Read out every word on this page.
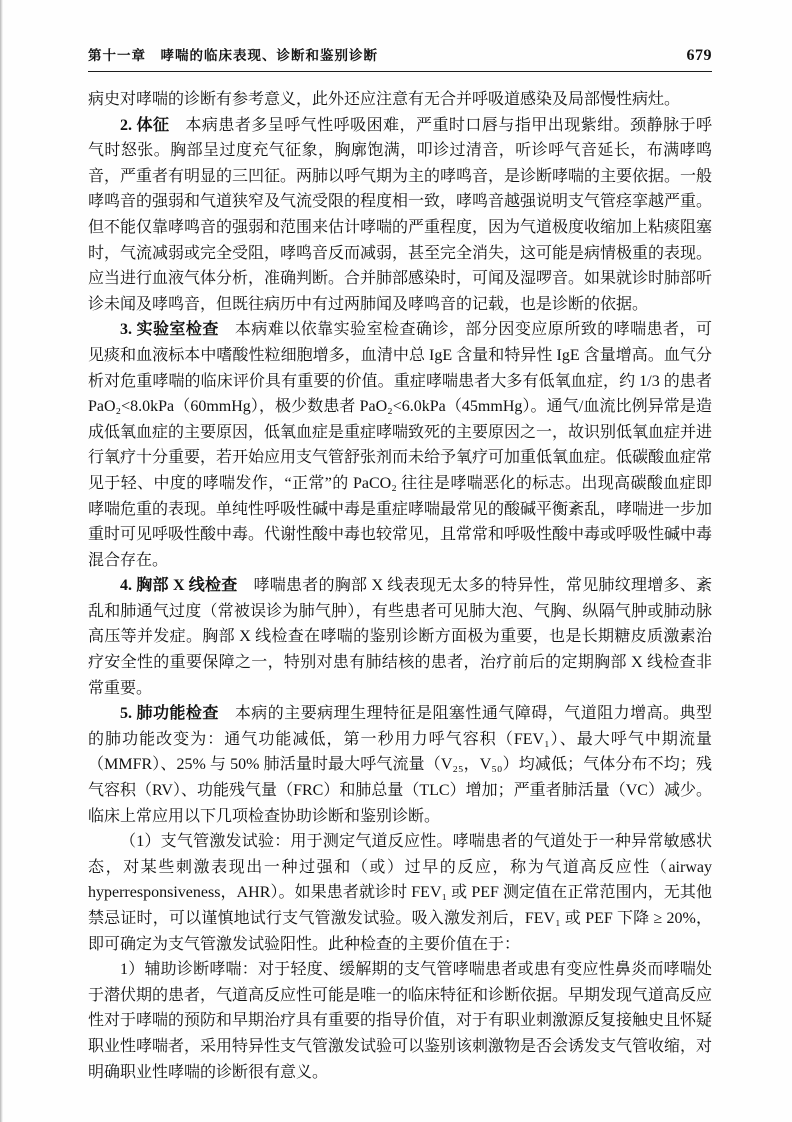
第十一章　哮喘的临床表现、诊断和鉴别诊断	679

病史对哮喘的诊断有参考意义，此外还应注意有无合并呼吸道感染及局部慢性病灶。

2. 体征 本病患者多呈呼气性呼吸困难，严重时口唇与指甲出现紫绀。颈静脉于呼气时怒张。胸部呈过度充气征象，胸廓饱满，叩诊过清音，听诊呼气音延长，布满哮鸣音，严重者有明显的三凹征。两肺以呼气期为主的哮鸣音，是诊断哮喘的主要依据。一般哮鸣音的强弱和气道狭窄及气流受限的程度相一致，哮鸣音越强说明支气管痉挛越严重。但不能仅靠哮鸣音的强弱和范围来估计哮喘的严重程度，因为气道极度收缩加上粘痰阻塞时，气流减弱或完全受阻，哮鸣音反而减弱，甚至完全消失，这可能是病情极重的表现。应当进行血液气体分析，准确判断。合并肺部感染时，可闻及湿啰音。如果就诊时肺部听诊未闻及哮鸣音，但既往病历中有过两肺闻及哮鸣音的记载，也是诊断的依据。

3. 实验室检查 本病难以依靠实验室检查确诊，部分因变应原所致的哮喘患者，可见痰和血液标本中嗜酸性粒细胞增多，血清中总 IgE 含量和特异性 IgE 含量增高。血气分析对危重哮喘的临床评价具有重要的价值。重症哮喘患者大多有低氧血症，约 1/3 的患者 PaO₂<8.0kPa（60mmHg），极少数患者 PaO₂<6.0kPa（45mmHg）。通气/血流比例异常是造成低氧血症的主要原因，低氧血症是重症哮喘致死的主要原因之一，故识别低氧血症并进行氧疗十分重要，若开始应用支气管舒张剂而未给予氧疗可加重低氧血症。低碳酸血症常见于轻、中度的哮喘发作，“正常”的 PaCO₂ 往往是哮喘恶化的标志。出现高碳酸血症即哮喘危重的表现。单纯性呼吸性碱中毒是重症哮喘最常见的酸碱平衡紊乱，哮喘进一步加重时可见呼吸性酸中毒。代谢性酸中毒也较常见，且常常和呼吸性酸中毒或呼吸性碱中毒混合存在。

4. 胸部 X 线检查 哮喘患者的胸部 X 线表现无太多的特异性，常见肺纹理增多、紊乱和肺通气过度（常被误诊为肺气肿），有些患者可见肺大泡、气胸、纵隔气肿或肺动脉高压等并发症。胸部 X 线检查在哮喘的鉴别诊断方面极为重要，也是长期糖皮质激素治疗安全性的重要保障之一，特别对患有肺结核的患者，治疗前后的定期胸部 X 线检查非常重要。

5. 肺功能检查 本病的主要病理生理特征是阻塞性通气障碍，气道阻力增高。典型的肺功能改变为：通气功能减低，第一秒用力呼气容积（FEV₁）、最大呼气中期流量（MMFR）、25% 与 50% 肺活量时最大呼气流量（V₂₅，V₅₀）均减低；气体分布不均；残气容积（RV）、功能残气量（FRC）和肺总量（TLC）增加；严重者肺活量（VC）减少。临床上常应用以下几项检查协助诊断和鉴别诊断。

（1）支气管激发试验：用于测定气道反应性。哮喘患者的气道处于一种异常敏感状态，对某些刺激表现出一种过强和（或）过早的反应，称为气道高反应性（airway hyperresponsiveness，AHR）。如果患者就诊时 FEV₁ 或 PEF 测定值在正常范围内，无其他禁忌证时，可以谨慎地试行支气管激发试验。吸入激发剂后，FEV₁ 或 PEF 下降 ≥ 20%，即可确定为支气管激发试验阳性。此种检查的主要价值在于：

1）辅助诊断哮喘：对于轻度、缓解期的支气管哮喘患者或患有变应性鼻炎而哮喘处于潜伏期的患者，气道高反应性可能是唯一的临床特征和诊断依据。早期发现气道高反应性对于哮喘的预防和早期治疗具有重要的指导价值，对于有职业刺激源反复接触史且怀疑职业性哮喘者，采用特异性支气管激发试验可以鉴别该刺激物是否会诱发支气管收缩，对明确职业性哮喘的诊断很有意义。
